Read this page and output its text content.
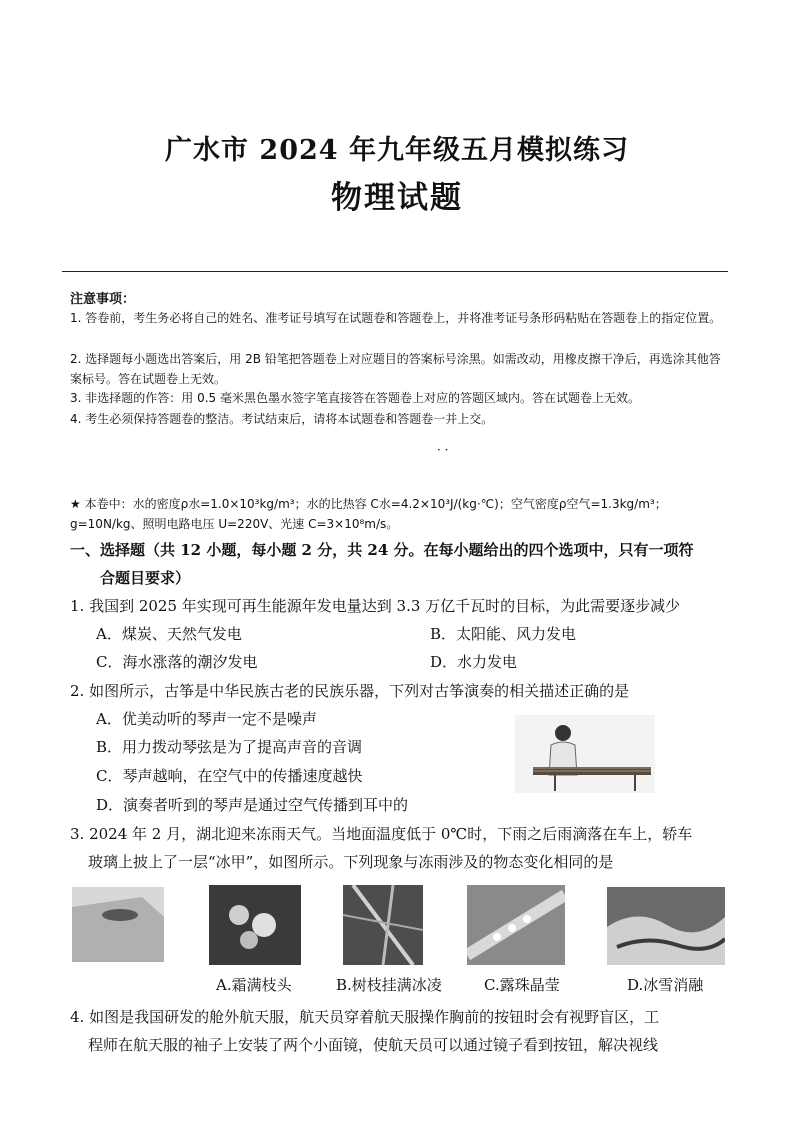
广水市 2024 年九年级五月模拟练习
物理试题
注意事项：
1. 答卷前，考生务必将自己的姓名、准考证号填写在试题卷和答题卷上，并将准考证号条形码粘贴在答题卷上的指定位置。
2. 选择题每小题选出答案后，用 2B 铅笔把答题卷上对应题目的答案标号涂黑。如需改动，用橡皮擦干净后，再选涂其他答案标号。答在试题卷上无效。
3. 非选择题的作答：用 0.5 毫米黑色墨水签字笔直接答在答题卷上对应的答题区域内。答在试题卷上无效。
4. 考生必须保持答题卷的整洁。考试结束后，请将本试题卷和答题卷一并上交。
· ·
★ 本卷中：水的密度ρ水=1.0×10³kg/m³；水的比热容 C水=4.2×10³J/(kg·℃)；空气密度ρ空气=1.3kg/m³；g=10N/kg、照明电路电压 U=220V、光速 C=3×10⁸m/s。
一、选择题（共 12 小题，每小题 2 分，共 24 分。在每小题给出的四个选项中，只有一项符
合题目要求）
1. 我国到 2025 年实现可再生能源年发电量达到 3.3 万亿千瓦时的目标，为此需要逐步减少
A．煤炭、天然气发电	B．太阳能、风力发电
C．海水涨落的潮汐发电	D．水力发电
2. 如图所示，古筝是中华民族古老的民族乐器，下列对古筝演奏的相关描述正确的是
A．优美动听的琴声一定不是噪声
B．用力拨动琴弦是为了提高声音的音调
C．琴声越响，在空气中的传播速度越快
D．演奏者听到的琴声是通过空气传播到耳中的
3. 2024 年 2 月，湖北迎来冻雨天气。当地面温度低于 0℃时，下雨之后雨滴落在车上，轿车
玻璃上披上了一层“冰甲”，如图所示。下列现象与冻雨涉及的物态变化相同的是
A.霜满枝头	B.树枝挂满冰凌	C.露珠晶莹	D.冰雪消融
4. 如图是我国研发的舱外航天服，航天员穿着航天服操作胸前的按钮时会有视野盲区，工
程师在航天服的袖子上安装了两个小面镜，使航天员可以通过镜子看到按钮，解决视线
